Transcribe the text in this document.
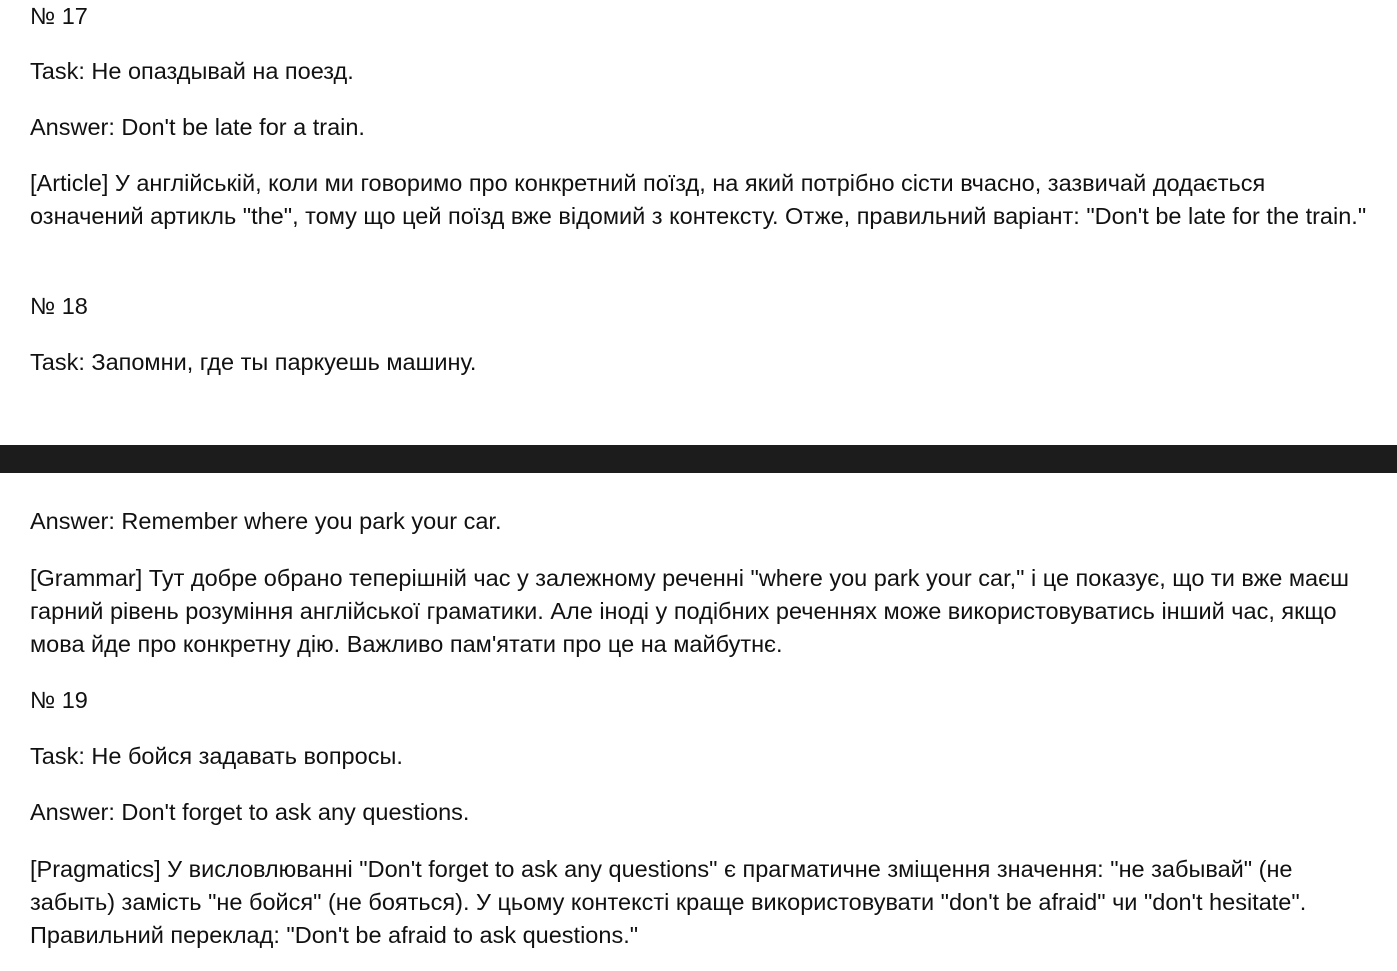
№ 17

Task: Не опаздывай на поезд.

Answer: Don't be late for a train.

[Article] У англійській, коли ми говоримо про конкретний поїзд, на який потрібно сісти вчасно, зазвичай додається означений артикль "the", тому що цей поїзд вже відомий з контексту. Отже, правильний варіант: "Don't be late for the train."

№ 18

Task: Запомни, где ты паркуешь машину.

Answer: Remember where you park your car.

[Grammar] Тут добре обрано теперішній час у залежному реченні "where you park your car," і це показує, що ти вже маєш гарний рівень розуміння англійської граматики. Але іноді у подібних реченнях може використовуватись інший час, якщо мова йде про конкретну дію. Важливо пам'ятати про це на майбутнє.

№ 19

Task: Не бойся задавать вопросы.

Answer: Don't forget to ask any questions.

[Pragmatics] У висловлюванні "Don't forget to ask any questions" є прагматичне зміщення значення: "не забывай" (не забыть) замість "не бойся" (не бояться). У цьому контексті краще використовувати "don't be afraid" чи "don't hesitate". Правильний переклад: "Don't be afraid to ask questions."
